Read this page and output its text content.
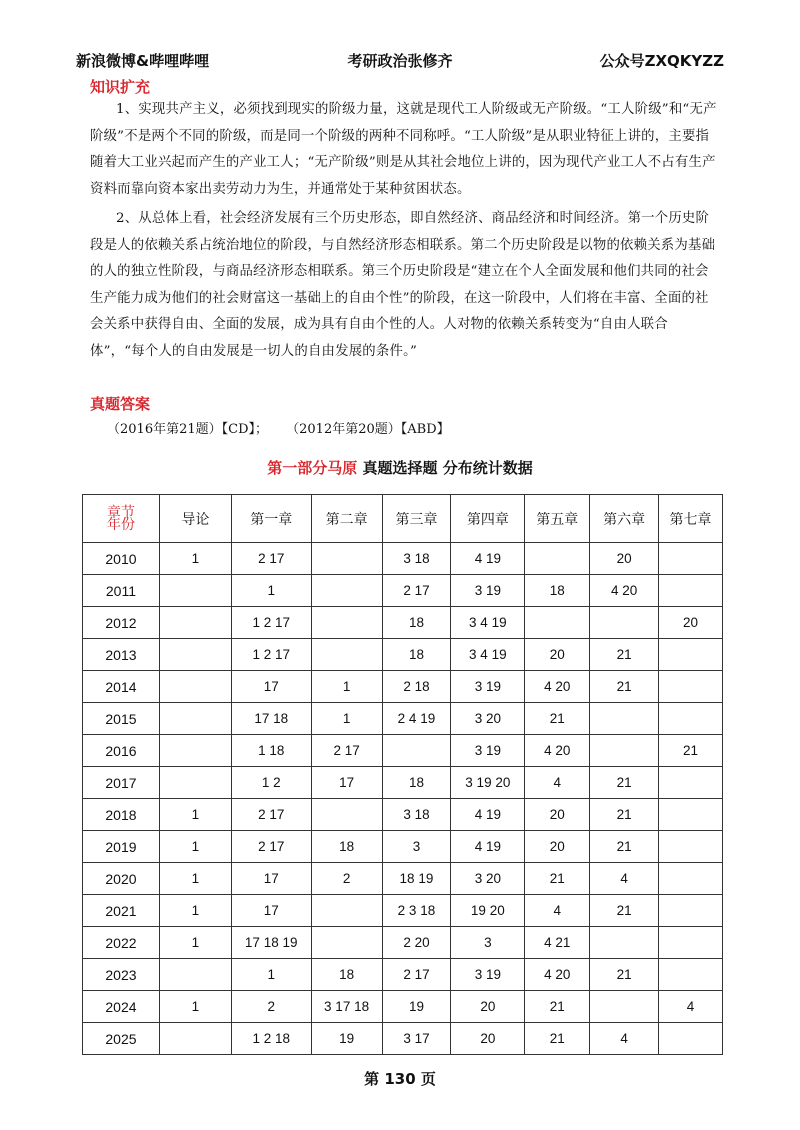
新浪微博&哔哩哔哩	考研政治张修齐	公众号ZXQKYZZ
知识扩充

1、实现共产主义，必须找到现实的阶级力量，这就是现代工人阶级或无产阶级。“工人阶级”和“无产阶级”不是两个不同的阶级，而是同一个阶级的两种不同称呼。“工人阶级”是从职业特征上讲的，主要指随着大工业兴起而产生的产业工人；“无产阶级”则是从其社会地位上讲的，因为现代产业工人不占有生产资料而靠向资本家出卖劳动力为生，并通常处于某种贫困状态。

2、从总体上看，社会经济发展有三个历史形态，即自然经济、商品经济和时间经济。第一个历史阶段是人的依赖关系占统治地位的阶段，与自然经济形态相联系。第二个历史阶段是以物的依赖关系为基础的人的独立性阶段，与商品经济形态相联系。第三个历史阶段是“建立在个人全面发展和他们共同的社会生产能力成为他们的社会财富这一基础上的自由个性”的阶段，在这一阶段中，人们将在丰富、全面的社会关系中获得自由、全面的发展，成为具有自由个性的人。人对物的依赖关系转变为“自由人联合体”，“每个人的自由发展是一切人的自由发展的条件。”

真题答案
（2016年第21题）【CD】； （2012年第20题）【ABD】
第一部分马原 真题选择题 分布统计数据
章节
年份	导论	第一章	第二章	第三章	第四章	第五章	第六章	第七章
2010	1	2 17		3 18	4 19		20	
2011		1		2 17	3 19	18	4 20	
2012		1 2 17		18	3 4 19			20
2013		1 2 17		18	3 4 19	20	21	
2014		17	1	2 18	3 19	4 20	21	
2015		17 18	1	2 4 19	3 20	21		
2016		1 18	2 17		3 19	4 20		21
2017		1 2	17	18	3 19 20	4	21	
2018	1	2 17		3 18	4 19	20	21	
2019	1	2 17	18	3	4 19	20	21	
2020	1	17	2	18 19	3 20	21	4	
2021	1	17		2 3 18	19 20	4	21	
2022	1	17 18 19		2 20	3	4 21		
2023		1	18	2 17	3 19	4 20	21	
2024	1	2	3 17 18	19	20	21		4
2025		1 2 18	19	3 17	20	21	4	
第 130 页
